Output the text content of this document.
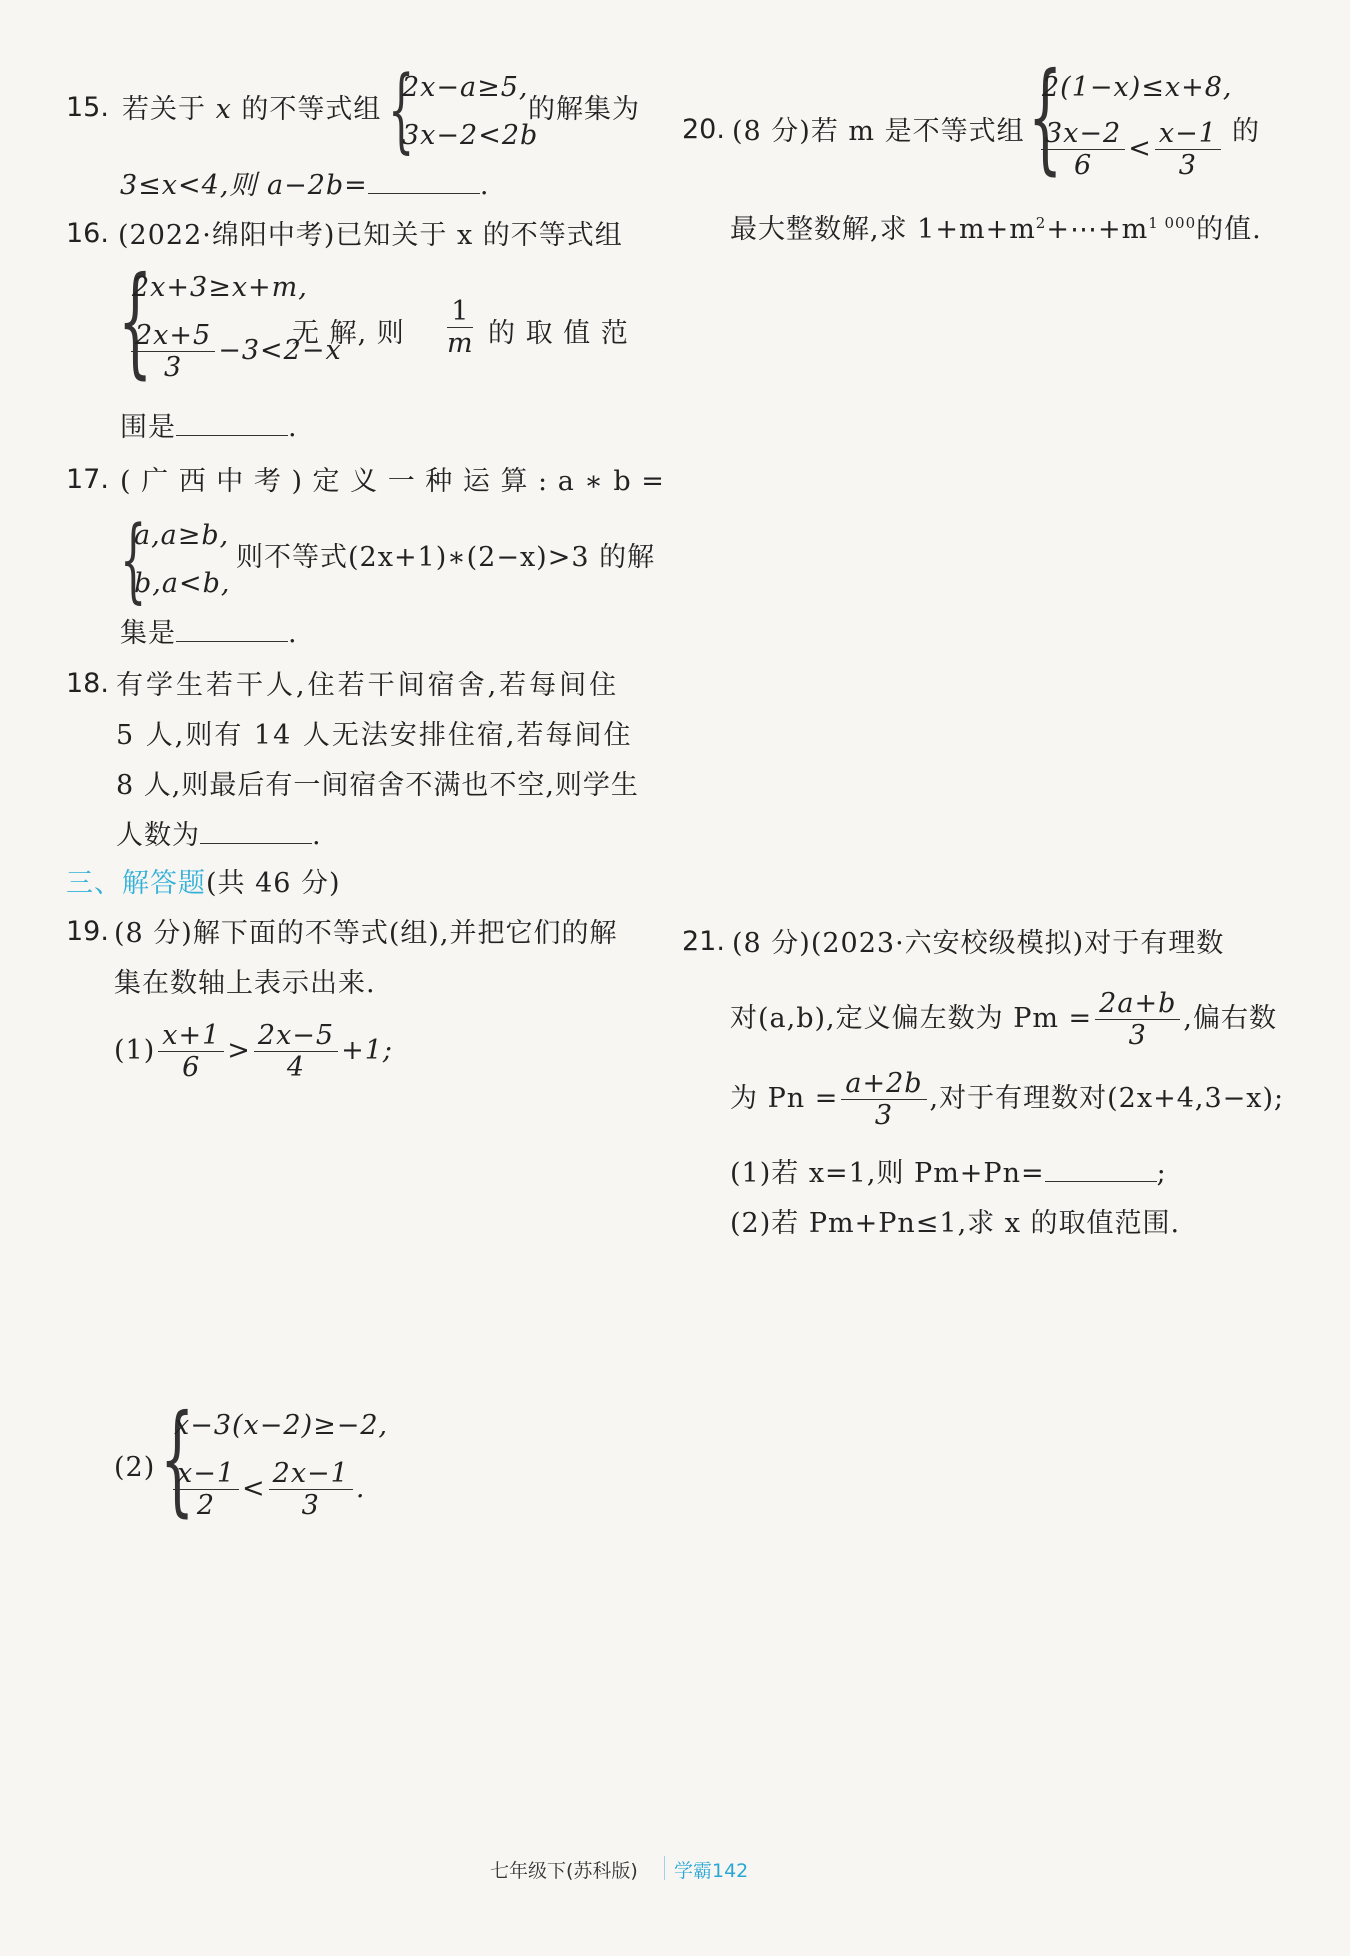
15. 若关于 x 的不等式组 {
2x−a≥5,
3x−2<2b
的解集为
3≤x<4,则 a−2b=	.
16. (2022·绵阳中考)已知关于 x 的不等式组
{
2x+3≥x+m,
$\frac{2x+5}{3} -3<2-x$
无 解, 则 $\frac{1}{m}$ 的 取 值 范
围是	.
17. ( 广 西 中 考 ) 定 义 一 种 运 算 : a ∗ b =
{
a,a≥b,
b,a<b,
则不等式(2x+1)∗(2−x)>3 的解
集是	.
18. 有学生若干人,住若干间宿舍,若每间住
5 人,则有 14 人无法安排住宿,若每间住
8 人,则最后有一间宿舍不满也不空,则学生
人数为	.
三、解答题(共 46 分)
19. (8 分)解下面的不等式(组),并把它们的解
集在数轴上表示出来.
$(1) \frac{x+1}{6} > \frac{2x-5}{4} +1$;
(2) {
x−3(x−2)≥−2,
$\frac{x-1}{2} < \frac{2x-1}{3}$ .
20. (8 分)若 m 是不等式组 {
2(1−x)≤x+8,
$\frac{3x-2}{6} < \frac{x-1}{3}$ 的
最大整数解,求 $1+m+m^2+\cdots+m^{1 000}$的值.
21. (8 分)(2023·六安校级模拟)对于有理数
对(a,b),定义偏左数为 $Pm = \frac{2a+b}{3}$ ,偏右数
为 $Pn = \frac{a+2b}{3}$ ,对于有理数对(2x+4,3−x);
(1)若 x=1,则 Pm+Pn=	;
(2)若 Pm+Pn≤1,求 x 的取值范围.
七年级下(苏科版) 学霸142
